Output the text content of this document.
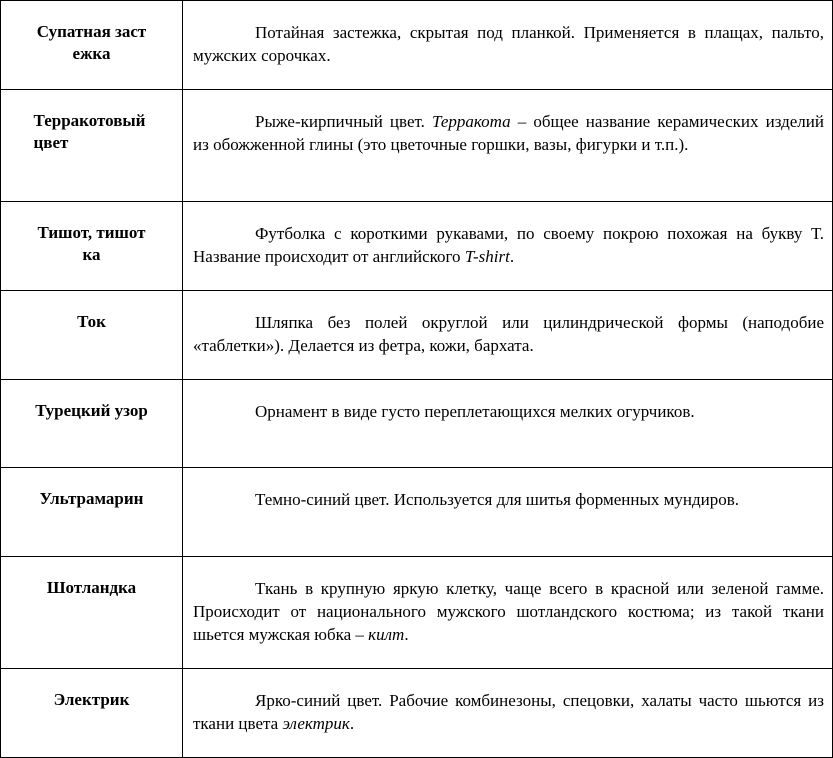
Супатная застежка	Потайная застежка, скрытая под планкой. Применяется в плащах, пальто, мужских сорочках.
Терракотовый цвет	Рыже-кирпичный цвет. Терракота – общее название керамических изделий из обожженной глины (это цветочные горшки, вазы, фигурки и т.п.).
Тишот, тишотка	Футболка с короткими рукавами, по своему покрою похожая на букву Т. Название происходит от английского T-shirt.
Ток	Шляпка без полей округлой или цилиндрической формы (наподобие «таблетки»). Делается из фетра, кожи, бархата.
Турецкий узор	Орнамент в виде густо переплетающихся мелких огурчиков.
Ультрамарин	Темно-синий цвет. Используется для шитья форменных мундиров.
Шотландка	Ткань в крупную яркую клетку, чаще всего в красной или зеленой гамме. Происходит от национального мужского шотландского костюма; из такой ткани шьется мужская юбка – килт.
Электрик	Ярко-синий цвет. Рабочие комбинезоны, спецовки, халаты часто шьются из ткани цвета электрик.
